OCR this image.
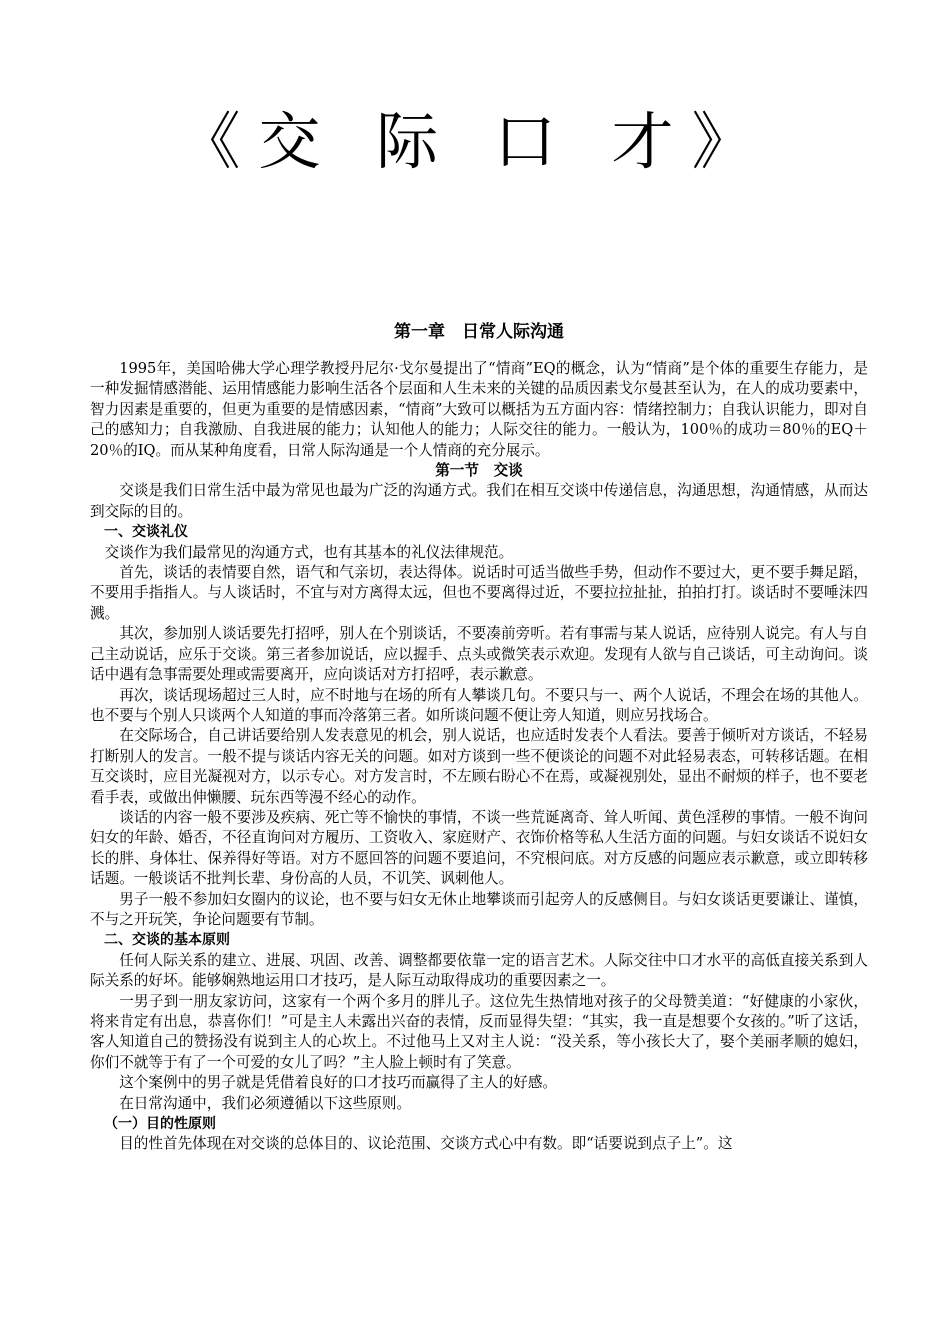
《交 际 口 才》
第一章　日常人际沟通

1995年，美国哈佛大学心理学教授丹尼尔·戈尔曼提出了“情商”EQ的概念，认为“情商”是个体的重要生存能力，是一种发掘情感潜能、运用情感能力影响生活各个层面和人生未来的关键的品质因素戈尔曼甚至认为，在人的成功要素中，智力因素是重要的，但更为重要的是情感因素，“情商”大致可以概括为五方面内容：情绪控制力；自我认识能力，即对自己的感知力；自我激励、自我进展的能力；认知他人的能力；人际交往的能力。一般认为，100％的成功＝80％的EQ＋20％的IQ。而从某种角度看，日常人际沟通是一个人情商的充分展示。

第一节　交谈

交谈是我们日常生活中最为常见也最为广泛的沟通方式。我们在相互交谈中传递信息，沟通思想，沟通情感，从而达到交际的目的。

一、交谈礼仪

交谈作为我们最常见的沟通方式，也有其基本的礼仪法律规范。

首先，谈话的表情要自然，语气和气亲切，表达得体。说话时可适当做些手势，但动作不要过大，更不要手舞足蹈，不要用手指指人。与人谈话时，不宜与对方离得太远，但也不要离得过近，不要拉拉扯扯，拍拍打打。谈话时不要唾沫四溅。

其次，参加别人谈话要先打招呼，别人在个别谈话，不要凑前旁听。若有事需与某人说话，应待别人说完。有人与自己主动说话，应乐于交谈。第三者参加说话，应以握手、点头或微笑表示欢迎。发现有人欲与自己谈话，可主动询问。谈话中遇有急事需要处理或需要离开，应向谈话对方打招呼，表示歉意。

再次，谈话现场超过三人时，应不时地与在场的所有人攀谈几句。不要只与一、两个人说话，不理会在场的其他人。也不要与个别人只谈两个人知道的事而冷落第三者。如所谈问题不便让旁人知道，则应另找场合。

在交际场合，自己讲话要给别人发表意见的机会，别人说话，也应适时发表个人看法。要善于倾听对方谈话，不轻易打断别人的发言。一般不提与谈话内容无关的问题。如对方谈到一些不便谈论的问题不对此轻易表态，可转移话题。在相互交谈时，应目光凝视对方，以示专心。对方发言时，不左顾右盼心不在焉，或凝视别处，显出不耐烦的样子，也不要老看手表，或做出伸懒腰、玩东西等漫不经心的动作。

谈话的内容一般不要涉及疾病、死亡等不愉快的事情，不谈一些荒诞离奇、耸人听闻、黄色淫秽的事情。一般不询问妇女的年龄、婚否，不径直询问对方履历、工资收入、家庭财产、衣饰价格等私人生活方面的问题。与妇女谈话不说妇女长的胖、身体壮、保养得好等语。对方不愿回答的问题不要追问，不究根问底。对方反感的问题应表示歉意，或立即转移话题。一般谈话不批判长辈、身份高的人员，不讥笑、讽刺他人。

男子一般不参加妇女圈内的议论，也不要与妇女无休止地攀谈而引起旁人的反感侧目。与妇女谈话更要谦让、谨慎，不与之开玩笑，争论问题要有节制。

二、交谈的基本原则

任何人际关系的建立、进展、巩固、改善、调整都要依靠一定的语言艺术。人际交往中口才水平的高低直接关系到人际关系的好坏。能够娴熟地运用口才技巧，是人际互动取得成功的重要因素之一。

一男子到一朋友家访问，这家有一个两个多月的胖儿子。这位先生热情地对孩子的父母赞美道：“好健康的小家伙，将来肯定有出息，恭喜你们！”可是主人未露出兴奋的表情，反而显得失望：“其实，我一直是想要个女孩的。”听了这话，客人知道自己的赞扬没有说到主人的心坎上。不过他马上又对主人说：“没关系，等小孩长大了，娶个美丽孝顺的媳妇，你们不就等于有了一个可爱的女儿了吗？”主人脸上顿时有了笑意。

这个案例中的男子就是凭借着良好的口才技巧而赢得了主人的好感。

在日常沟通中，我们必须遵循以下这些原则。

（一）目的性原则

目的性首先体现在对交谈的总体目的、议论范围、交谈方式心中有数。即“话要说到点子上”。这
